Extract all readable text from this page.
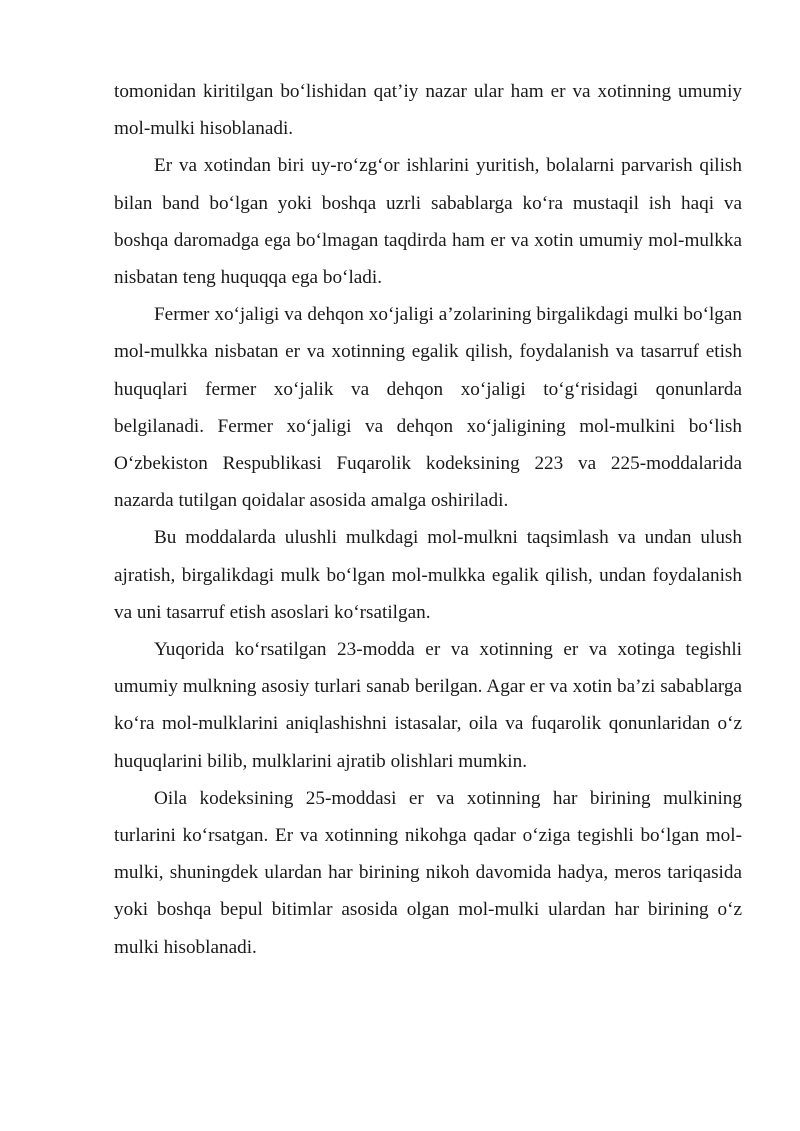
tomonidan kiritilgan bo‘lishidan qat’iy nazar ular ham er va xotinning umumiy mol-mulki hisoblanadi.

Er va xotindan biri uy-ro‘zg‘or ishlarini yuritish, bolalarni parvarish qilish bilan band bo‘lgan yoki boshqa uzrli sabablarga ko‘ra mustaqil ish haqi va boshqa daromadga ega bo‘lmagan taqdirda ham er va xotin umumiy mol-mulkka nisbatan teng huquqqa ega bo‘ladi.

Fermer xo‘jaligi va dehqon xo‘jaligi a’zolarining birgalikdagi mulki bo‘lgan mol-mulkka nisbatan er va xotinning egalik qilish, foydalanish va tasarruf etish huquqlari fermer xo‘jalik va dehqon xo‘jaligi to‘g‘risidagi qonunlarda belgilanadi. Fermer xo‘jaligi va dehqon xo‘jaligining mol-mulkini bo‘lish O‘zbekiston Respublikasi Fuqarolik kodeksining 223 va 225-moddalarida nazarda tutilgan qoidalar asosida amalga oshiriladi.

Bu moddalarda ulushli mulkdagi mol-mulkni taqsimlash va undan ulush ajratish, birgalikdagi mulk bo‘lgan mol-mulkka egalik qilish, undan foydalanish va uni tasarruf etish asoslari ko‘rsatilgan.

Yuqorida ko‘rsatilgan 23-modda er va xotinning er va xotinga tegishli umumiy mulkning asosiy turlari sanab berilgan. Agar er va xotin ba’zi sabablarga ko‘ra mol-mulklarini aniqlashishni istasalar, oila va fuqarolik qonunlaridan o‘z huquqlarini bilib, mulklarini ajratib olishlari mumkin.

Oila kodeksining 25-moddasi er va xotinning har birining mulkining turlarini ko‘rsatgan. Er va xotinning nikohga qadar o‘ziga tegishli bo‘lgan mol-mulki, shuningdek ulardan har birining nikoh davomida hadya, meros tariqasida yoki boshqa bepul bitimlar asosida olgan mol-mulki ulardan har birining o‘z mulki hisoblanadi.
